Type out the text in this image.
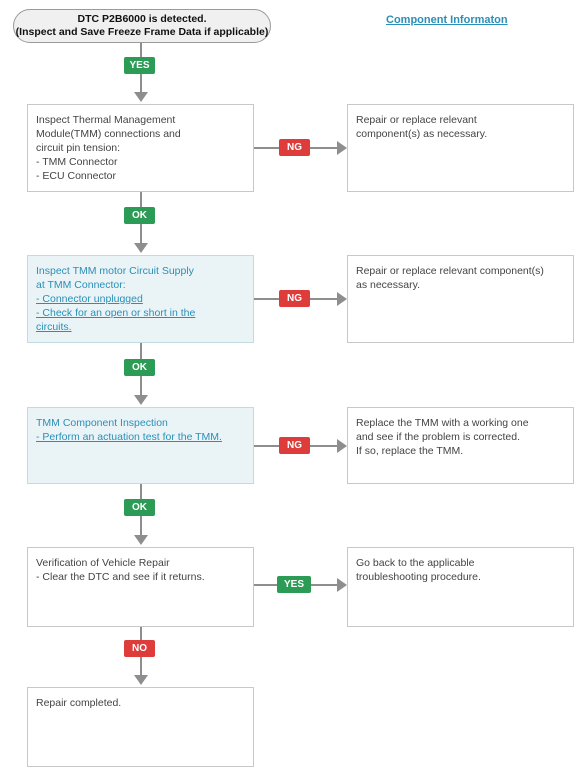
DTC P2B6000 is detected.
(Inspect and Save Freeze Frame Data if applicable)
Component Informaton
YES
Inspect Thermal Management
Module(TMM) connections and
circuit pin tension:
- TMM Connector
- ECU Connector
NG
Repair or replace relevant
component(s) as necessary.
OK
Inspect TMM motor Circuit Supply
at TMM Connector:
- Connector unplugged
- Check for an open or short in the
circuits.
NG
Repair or replace relevant component(s)
as necessary.
OK
TMM Component Inspection
- Perform an actuation test for the TMM.
NG
Replace the TMM with a working one
and see if the problem is corrected.
If so, replace the TMM.
OK
Verification of Vehicle Repair
- Clear the DTC and see if it returns.
YES
Go back to the applicable
troubleshooting procedure.
NO
Repair completed.
